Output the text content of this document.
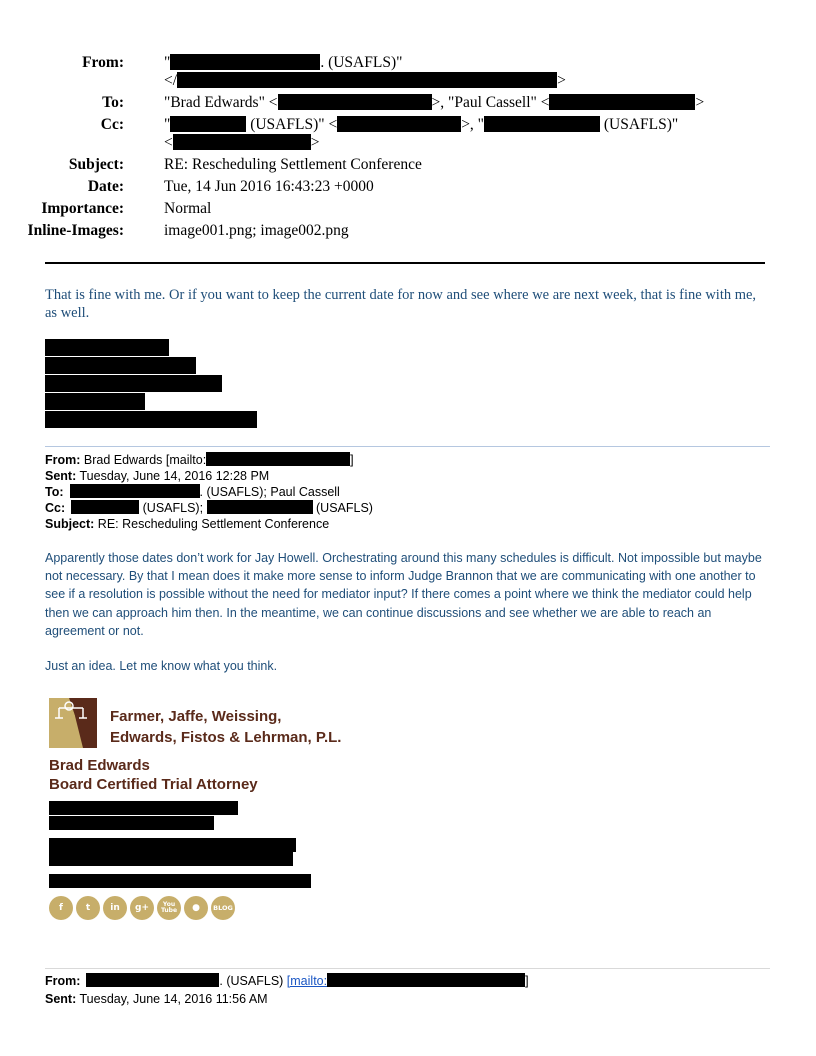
From:	"	. (USAFLS)"
</	>
To:	"Brad Edwards" <	>, "Paul Cassell" <	>
Cc:	"	(USAFLS)" <	>, "	(USAFLS)"
<	>
Subject:	RE: Rescheduling Settlement Conference
Date:	Tue, 14 Jun 2016 16:43:23 +0000
Importance:	Normal
Inline-Images:	image001.png; image002.png
That is fine with me. Or if you want to keep the current date for now and see where we are next week, that is fine with me, as well.
From: Brad Edwards [mailto:	]
Sent: Tuesday, June 14, 2016 12:28 PM
To:	. (USAFLS); Paul Cassell
Cc:	(USAFLS);	(USAFLS)
Subject: RE: Rescheduling Settlement Conference
Apparently those dates don’t work for Jay Howell. Orchestrating around this many schedules is difficult. Not impossible but maybe not necessary. By that I mean does it make more sense to inform Judge Brannon that we are communicating with one another to see if a resolution is possible without the need for mediator input? If there comes a point where we think the mediator could help then we can approach him then. In the meantime, we can continue discussions and see whether we are able to reach an agreement or not.
Just an idea. Let me know what you think.
Farmer, Jaffe, Weissing,
Edwards, Fistos & Lehrman, P.L.
Brad Edwards
Board Certified Trial Attorney
f	t	in	g+	You Tube	●	BLOG
From:	. (USAFLS) [mailto:	]
Sent: Tuesday, June 14, 2016 11:56 AM
